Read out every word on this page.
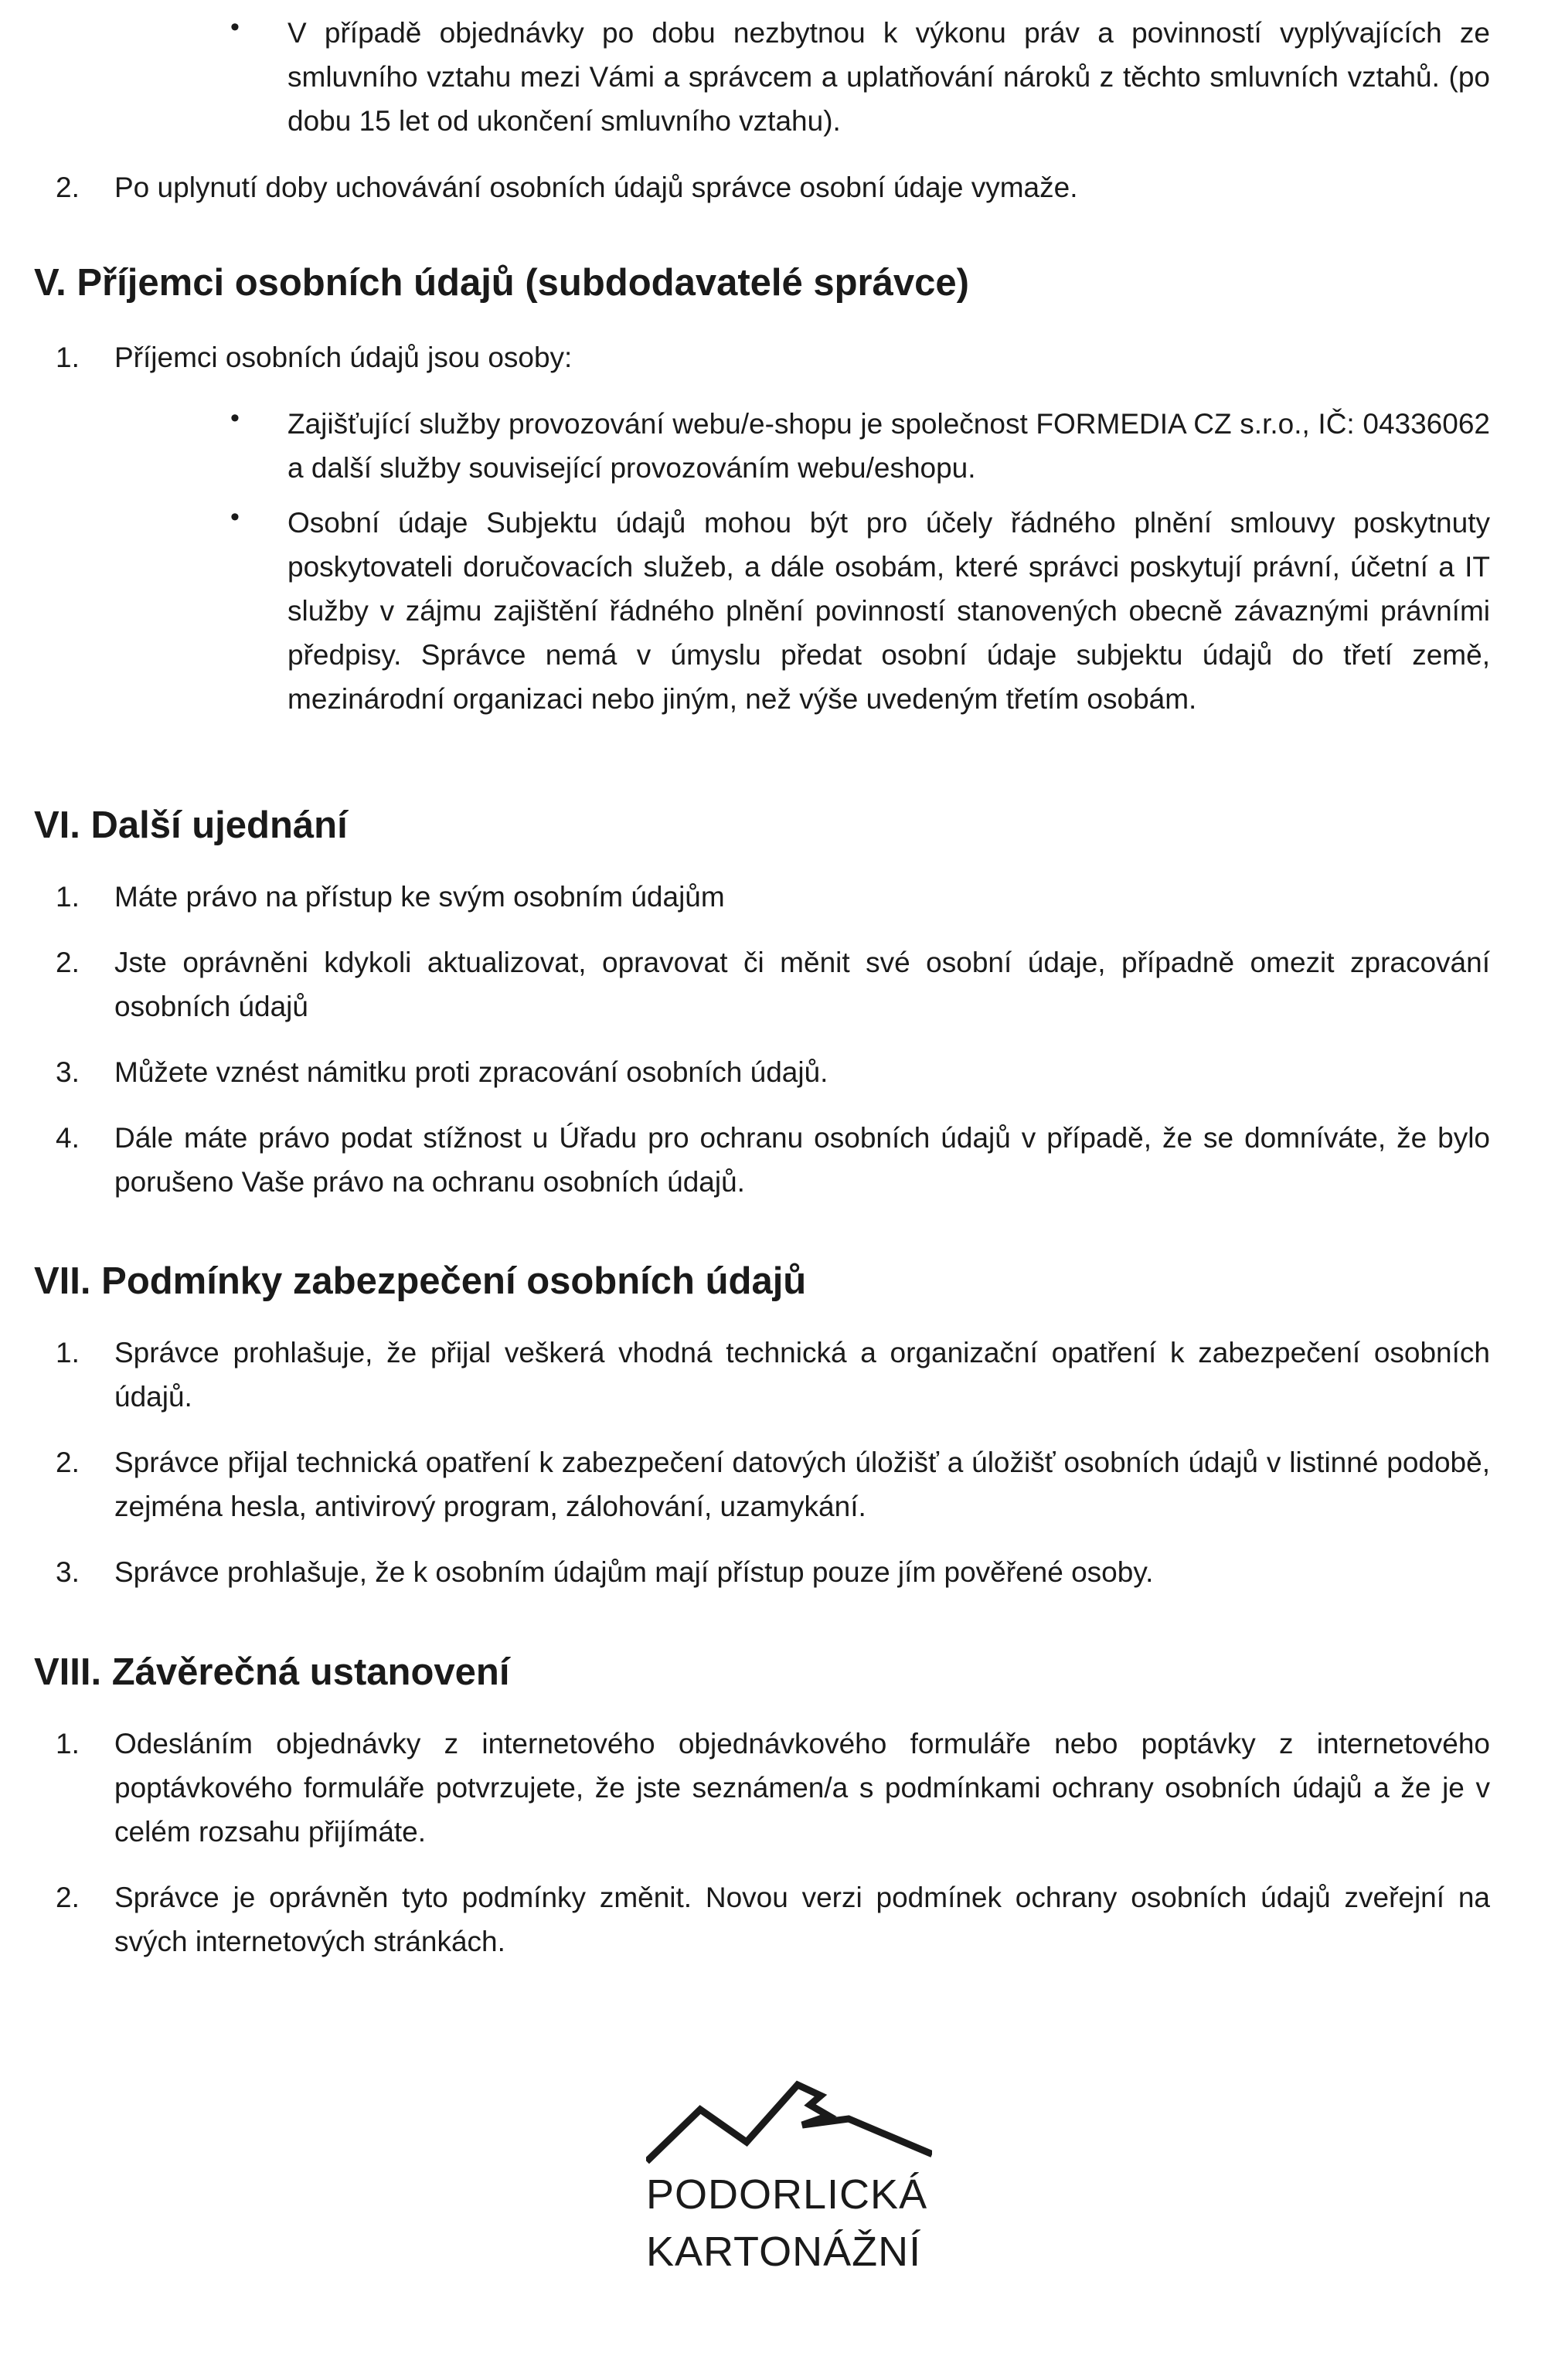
• V případě objednávky po dobu nezbytnou k výkonu práv a povinností vyplývajících ze smluvního vztahu mezi Vámi a správcem a uplatňování nároků z těchto smluvních vztahů. (po dobu 15 let od ukončení smluvního vztahu).
2. Po uplynutí doby uchovávání osobních údajů správce osobní údaje vymaže.
V. Příjemci osobních údajů (subdodavatelé správce)
1. Příjemci osobních údajů jsou osoby:
• Zajišťující služby provozování webu/e-shopu je společnost FORMEDIA CZ s.r.o., IČ: 04336062 a další služby související provozováním webu/eshopu.
• Osobní údaje Subjektu údajů mohou být pro účely řádného plnění smlouvy poskytnuty poskytovateli doručovacích služeb, a dále osobám, které správci poskytují právní, účetní a IT služby v zájmu zajištění řádného plnění povinností stanovených obecně závaznými právními předpisy. Správce nemá v úmyslu předat osobní údaje subjektu údajů do třetí země, mezinárodní organizaci nebo jiným, než výše uvedeným třetím osobám.
VI. Další ujednání
1. Máte právo na přístup ke svým osobním údajům
2. Jste oprávněni kdykoli aktualizovat, opravovat či měnit své osobní údaje, případně omezit zpracování osobních údajů
3. Můžete vznést námitku proti zpracování osobních údajů.
4. Dále máte právo podat stížnost u Úřadu pro ochranu osobních údajů v případě, že se domníváte, že bylo porušeno Vaše právo na ochranu osobních údajů.
VII. Podmínky zabezpečení osobních údajů
1. Správce prohlašuje, že přijal veškerá vhodná technická a organizační opatření k zabezpečení osobních údajů.
2. Správce přijal technická opatření k zabezpečení datových úložišť a úložišť osobních údajů v listinné podobě, zejména hesla, antivirový program, zálohování, uzamykání.
3. Správce prohlašuje, že k osobním údajům mají přístup pouze jím pověřené osoby.
VIII. Závěrečná ustanovení
1. Odesláním objednávky z internetového objednávkového formuláře nebo poptávky z internetového poptávkového formuláře potvrzujete, že jste seznámen/a s podmínkami ochrany osobních údajů a že je v celém rozsahu přijímáte.
2. Správce je oprávněn tyto podmínky změnit. Novou verzi podmínek ochrany osobních údajů zveřejní na svých internetových stránkách.
PODORLICKÁ
KARTONÁŽNÍ
